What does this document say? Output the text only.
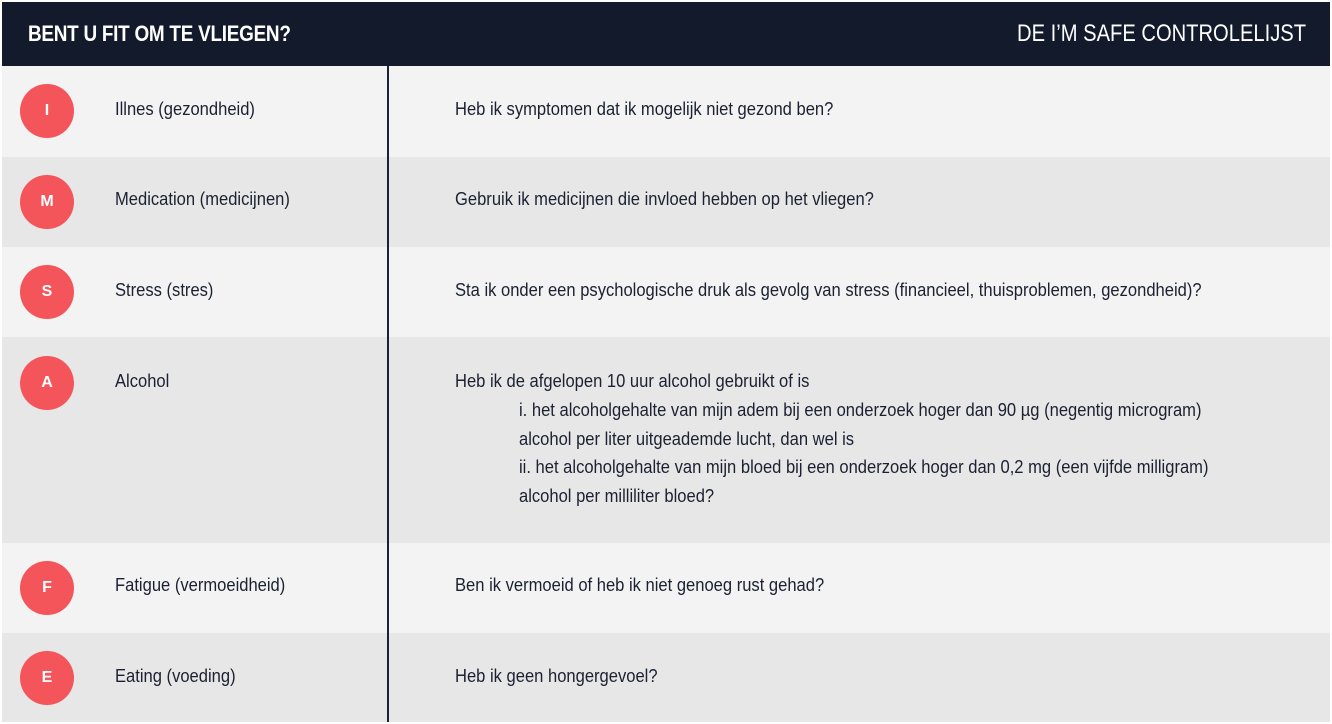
BENT U FIT OM TE VLIEGEN?	DE I’M SAFE CONTROLELIJST
I	Illnes (gezondheid)	Heb ik symptomen dat ik mogelijk niet gezond ben?
M	Medication (medicijnen)	Gebruik ik medicijnen die invloed hebben op het vliegen?
S	Stress (stres)	Sta ik onder een psychologische druk als gevolg van stress (financieel, thuisproblemen, gezondheid)?
A	Alcohol	Heb ik de afgelopen 10 uur alcohol gebruikt of is
i. het alcoholgehalte van mijn adem bij een onderzoek hoger dan 90 µg (negentig microgram)
alcohol per liter uitgeademde lucht, dan wel is
ii. het alcoholgehalte van mijn bloed bij een onderzoek hoger dan 0,2 mg (een vijfde milligram)
alcohol per milliliter bloed?
F	Fatigue (vermoeidheid)	Ben ik vermoeid of heb ik niet genoeg rust gehad?
E	Eating (voeding)	Heb ik geen hongergevoel?
